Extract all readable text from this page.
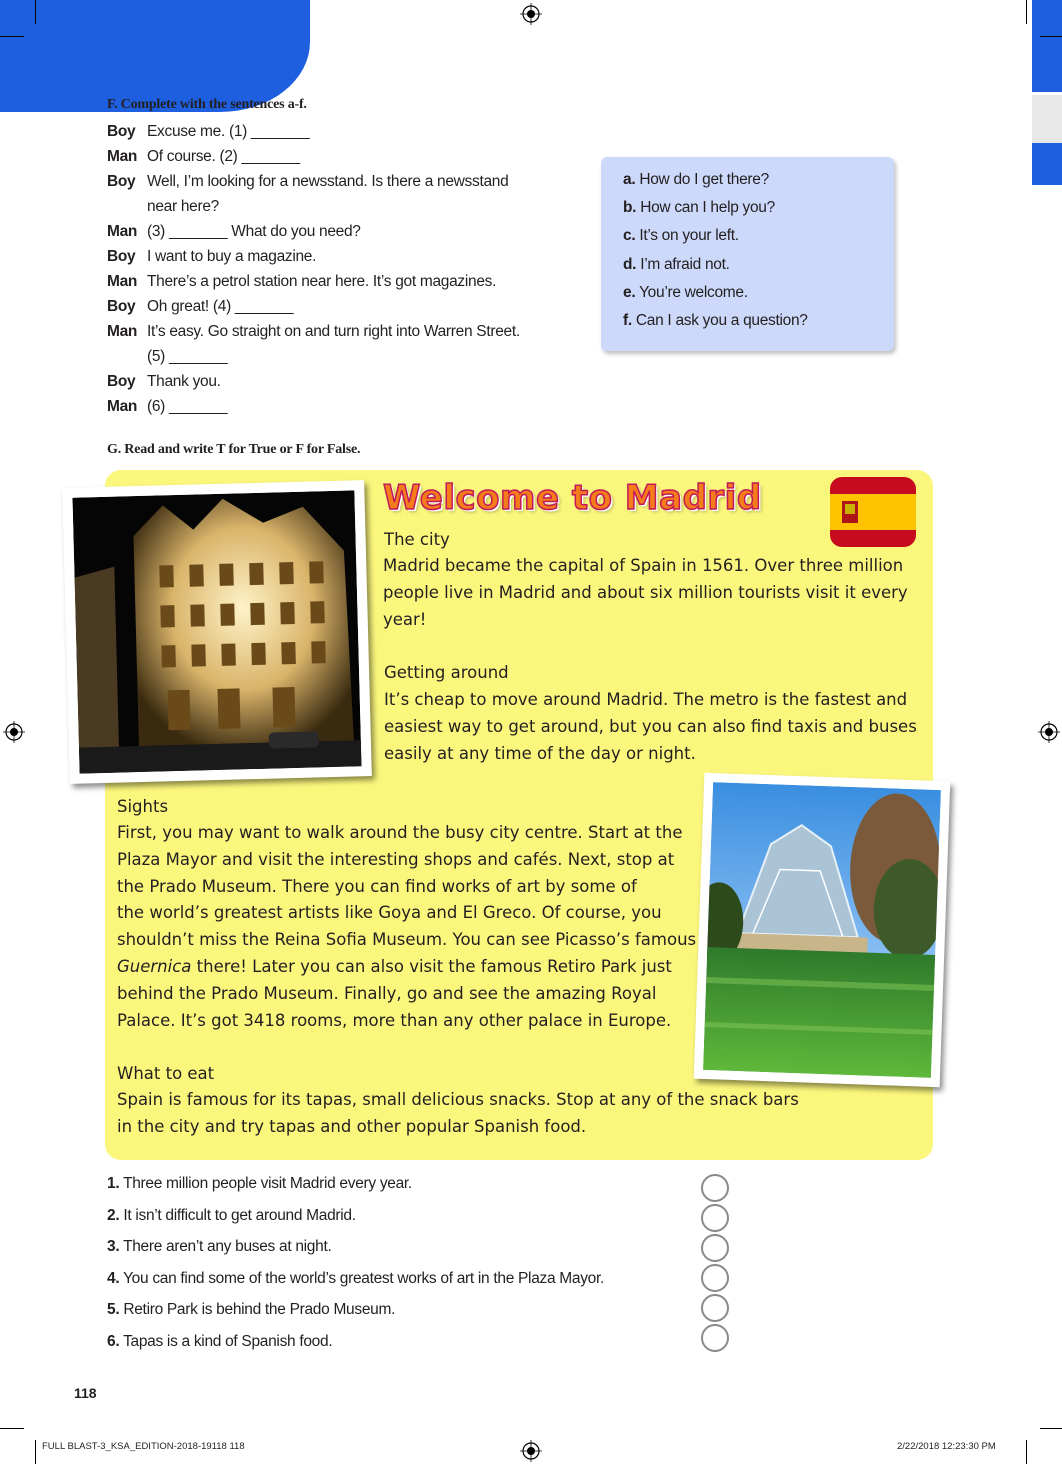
F. Complete with the sentences a-f.
Boy Excuse me. (1) _______
Man Of course. (2) _______
Boy Well, I’m looking for a newsstand. Is there a newsstand
near here?
Man (3) _______ What do you need?
Boy I want to buy a magazine.
Man There’s a petrol station near here. It’s got magazines.
Boy Oh great! (4) _______
Man It’s easy. Go straight on and turn right into Warren Street.
(5) _______
Boy Thank you.
Man (6) _______
a. How do I get there?
b. How can I help you?
c. It’s on your left.
d. I’m afraid not.
e. You’re welcome.
f. Can I ask you a question?
G. Read and write T for True or F for False.
Welcome to Madrid
The city
Madrid became the capital of Spain in 1561. Over three million
people live in Madrid and about six million tourists visit it every
year!
Getting around
It’s cheap to move around Madrid. The metro is the fastest and
easiest way to get around, but you can also find taxis and buses
easily at any time of the day or night.
Sights
First, you may want to walk around the busy city centre. Start at the
Plaza Mayor and visit the interesting shops and cafés. Next, stop at
the Prado Museum. There you can find works of art by some of
the world’s greatest artists like Goya and El Greco. Of course, you
shouldn’t miss the Reina Sofia Museum. You can see Picasso’s famous
Guernica there! Later you can also visit the famous Retiro Park just
behind the Prado Museum. Finally, go and see the amazing Royal
Palace. It’s got 3418 rooms, more than any other palace in Europe.
What to eat
Spain is famous for its tapas, small delicious snacks. Stop at any of the snack bars
in the city and try tapas and other popular Spanish food.
1. Three million people visit Madrid every year.
2. It isn’t difficult to get around Madrid.
3. There aren’t any buses at night.
4. You can find some of the world’s greatest works of art in the Plaza Mayor.
5. Retiro Park is behind the Prado Museum.
6. Tapas is a kind of Spanish food.
118
FULL BLAST-3_KSA_EDITION-2018-19118 118	2/22/2018 12:23:30 PM
